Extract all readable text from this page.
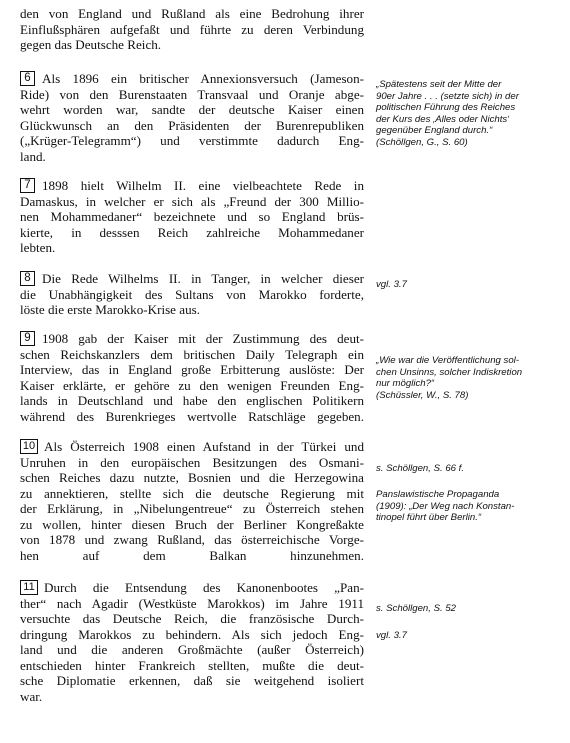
den von England und Rußland als eine Bedrohung ihrer
Einflußsphären aufgefaßt und führte zu deren Verbindung
gegen das Deutsche Reich.
6 Als 1896 ein britischer Annexionsversuch (Jameson-
Ride) von den Burenstaaten Transvaal und Oranje abge-
wehrt worden war, sandte der deutsche Kaiser einen
Glückwunsch an den Präsidenten der Burenrepubliken
(„Krüger-Telegramm“) und verstimmte dadurch Eng-
land.
7 1898 hielt Wilhelm II. eine vielbeachtete Rede in
Damaskus, in welcher er sich als „Freund der 300 Millio-
nen Mohammedaner“ bezeichnete und so England brüs-
kierte, in desssen Reich zahlreiche Mohammedaner
lebten.
8 Die Rede Wilhelms II. in Tanger, in welcher dieser
die Unabhängigkeit des Sultans von Marokko forderte,
löste die erste Marokko-Krise aus.
9 1908 gab der Kaiser mit der Zustimmung des deut-
schen Reichskanzlers dem britischen Daily Telegraph ein
Interview, das in England große Erbitterung auslöste: Der
Kaiser erklärte, er gehöre zu den wenigen Freunden Eng-
lands in Deutschland und habe den englischen Politikern
während des Burenkrieges wertvolle Ratschläge gegeben.
10 Als Österreich 1908 einen Aufstand in der Türkei und
Unruhen in den europäischen Besitzungen des Osmani-
schen Reiches dazu nutzte, Bosnien und die Herzegowina
zu annektieren, stellte sich die deutsche Regierung mit
der Erklärung, in „Nibelungentreue“ zu Österreich stehen
zu wollen, hinter diesen Bruch der Berliner Kongreßakte
von 1878 und zwang Rußland, das österreichische Vorge-
hen auf dem Balkan hinzunehmen.
11 Durch die Entsendung des Kanonenbootes „Pan-
ther“ nach Agadir (Westküste Marokkos) im Jahre 1911
versuchte das Deutsche Reich, die französische Durch-
dringung Marokkos zu behindern. Als sich jedoch Eng-
land und die anderen Großmächte (außer Österreich)
entschieden hinter Frankreich stellten, mußte die deut-
sche Diplomatie erkennen, daß sie weitgehend isoliert
war.
„Spätestens seit der Mitte der
90er Jahre . . . (setzte sich) in der
politischen Führung des Reiches
der Kurs des ‚Alles oder Nichts‘
gegenüber England durch.“
(Schöllgen, G., S. 60)
vgl. 3.7
„Wie war die Veröffentlichung sol-
chen Unsinns, solcher Indiskretion
nur möglich?“
(Schüssler, W., S. 78)
s. Schöllgen, S. 66 f.
Panslawistische Propaganda
(1909): „Der Weg nach Konstan-
tinopel führt über Berlin.“
s. Schöllgen, S. 52
vgl. 3.7
